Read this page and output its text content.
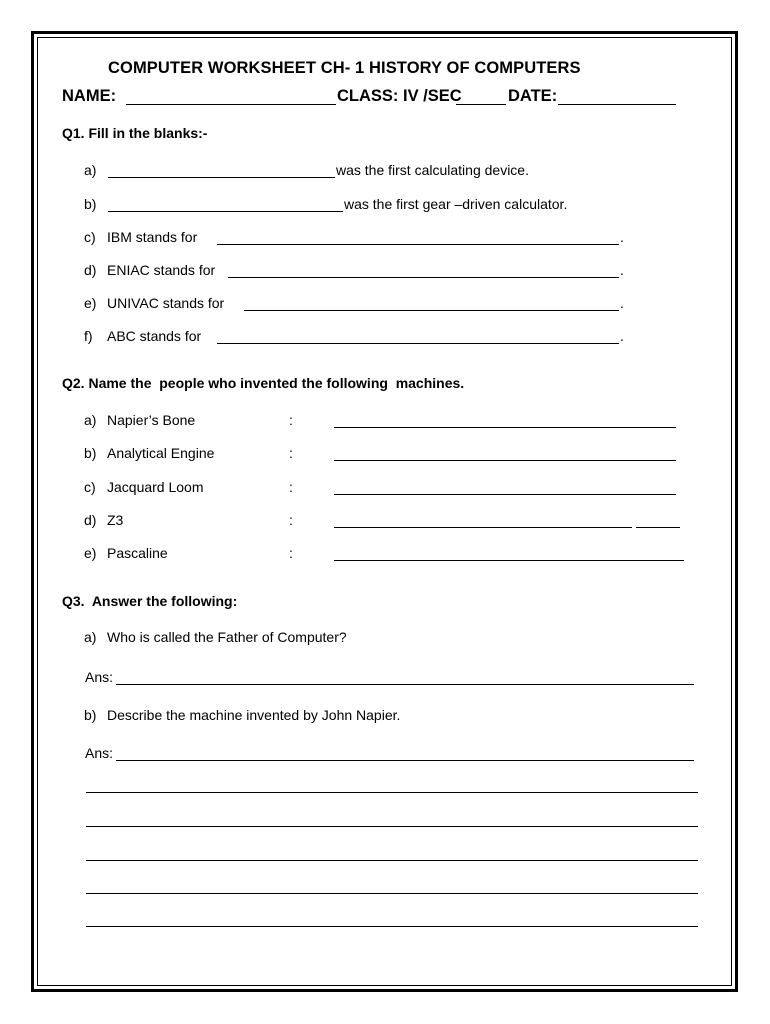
COMPUTER WORKSHEET CH- 1 HISTORY OF COMPUTERS
NAME:	CLASS: IV /SEC	DATE:
Q1. Fill in the blanks:-
a)	was the first calculating device.
b)	was the first gear –driven calculator.
c) IBM stands for	.
d) ENIAC stands for	.
e) UNIVAC stands for	.
f) ABC stands for	.
Q2. Name the  people who invented the following  machines.
a) Napier’s Bone	:
b) Analytical Engine	:
c) Jacquard Loom	:
d) Z3	:
e) Pascaline	:
Q3.  Answer the following:
a) Who is called the Father of Computer?
Ans:
b) Describe the machine invented by John Napier.
Ans:
